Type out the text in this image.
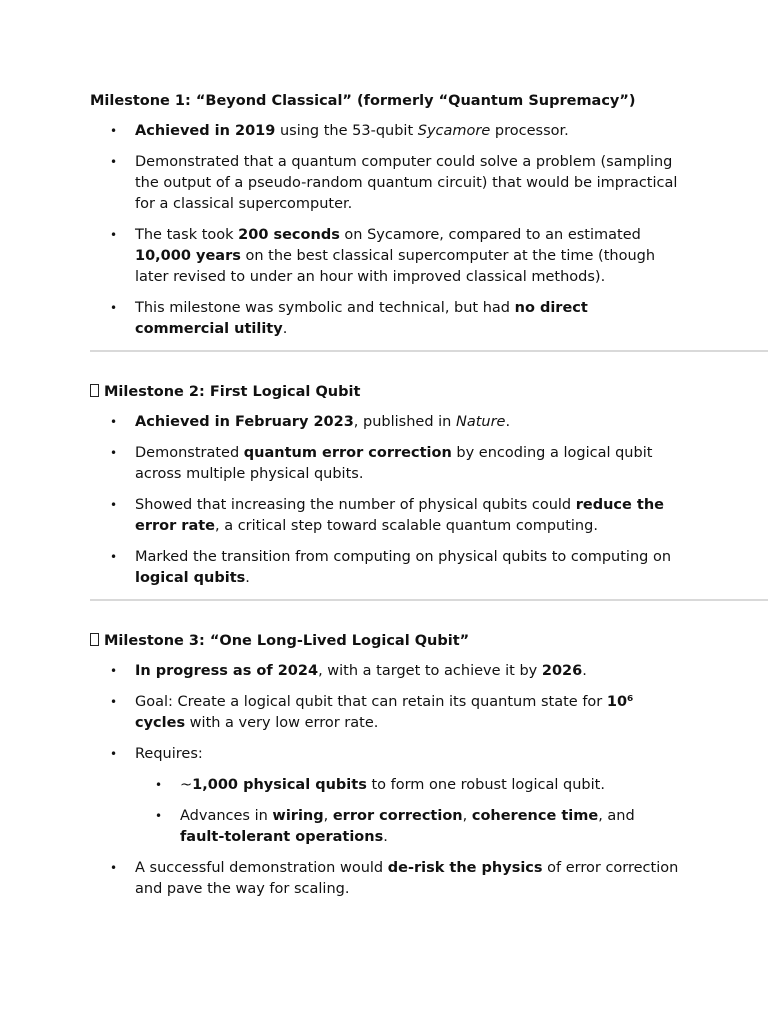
Milestone 1: “Beyond Classical” (formerly “Quantum Supremacy”)
• Achieved in 2019 using the 53-qubit Sycamore processor.
• Demonstrated that a quantum computer could solve a problem (sampling the output of a pseudo-random quantum circuit) that would be impractical for a classical supercomputer.
• The task took 200 seconds on Sycamore, compared to an estimated 10,000 years on the best classical supercomputer at the time (though later revised to under an hour with improved classical methods).
• This milestone was symbolic and technical, but had no direct commercial utility.
Milestone 2: First Logical Qubit
• Achieved in February 2023, published in Nature.
• Demonstrated quantum error correction by encoding a logical qubit across multiple physical qubits.
• Showed that increasing the number of physical qubits could reduce the error rate, a critical step toward scalable quantum computing.
• Marked the transition from computing on physical qubits to computing on logical qubits.
Milestone 3: “One Long-Lived Logical Qubit”
• In progress as of 2024, with a target to achieve it by 2026.
• Goal: Create a logical qubit that can retain its quantum state for 10⁶ cycles with a very low error rate.
• Requires:
• ~1,000 physical qubits to form one robust logical qubit.
• Advances in wiring, error correction, coherence time, and fault-tolerant operations.
• A successful demonstration would de-risk the physics of error correction and pave the way for scaling.
